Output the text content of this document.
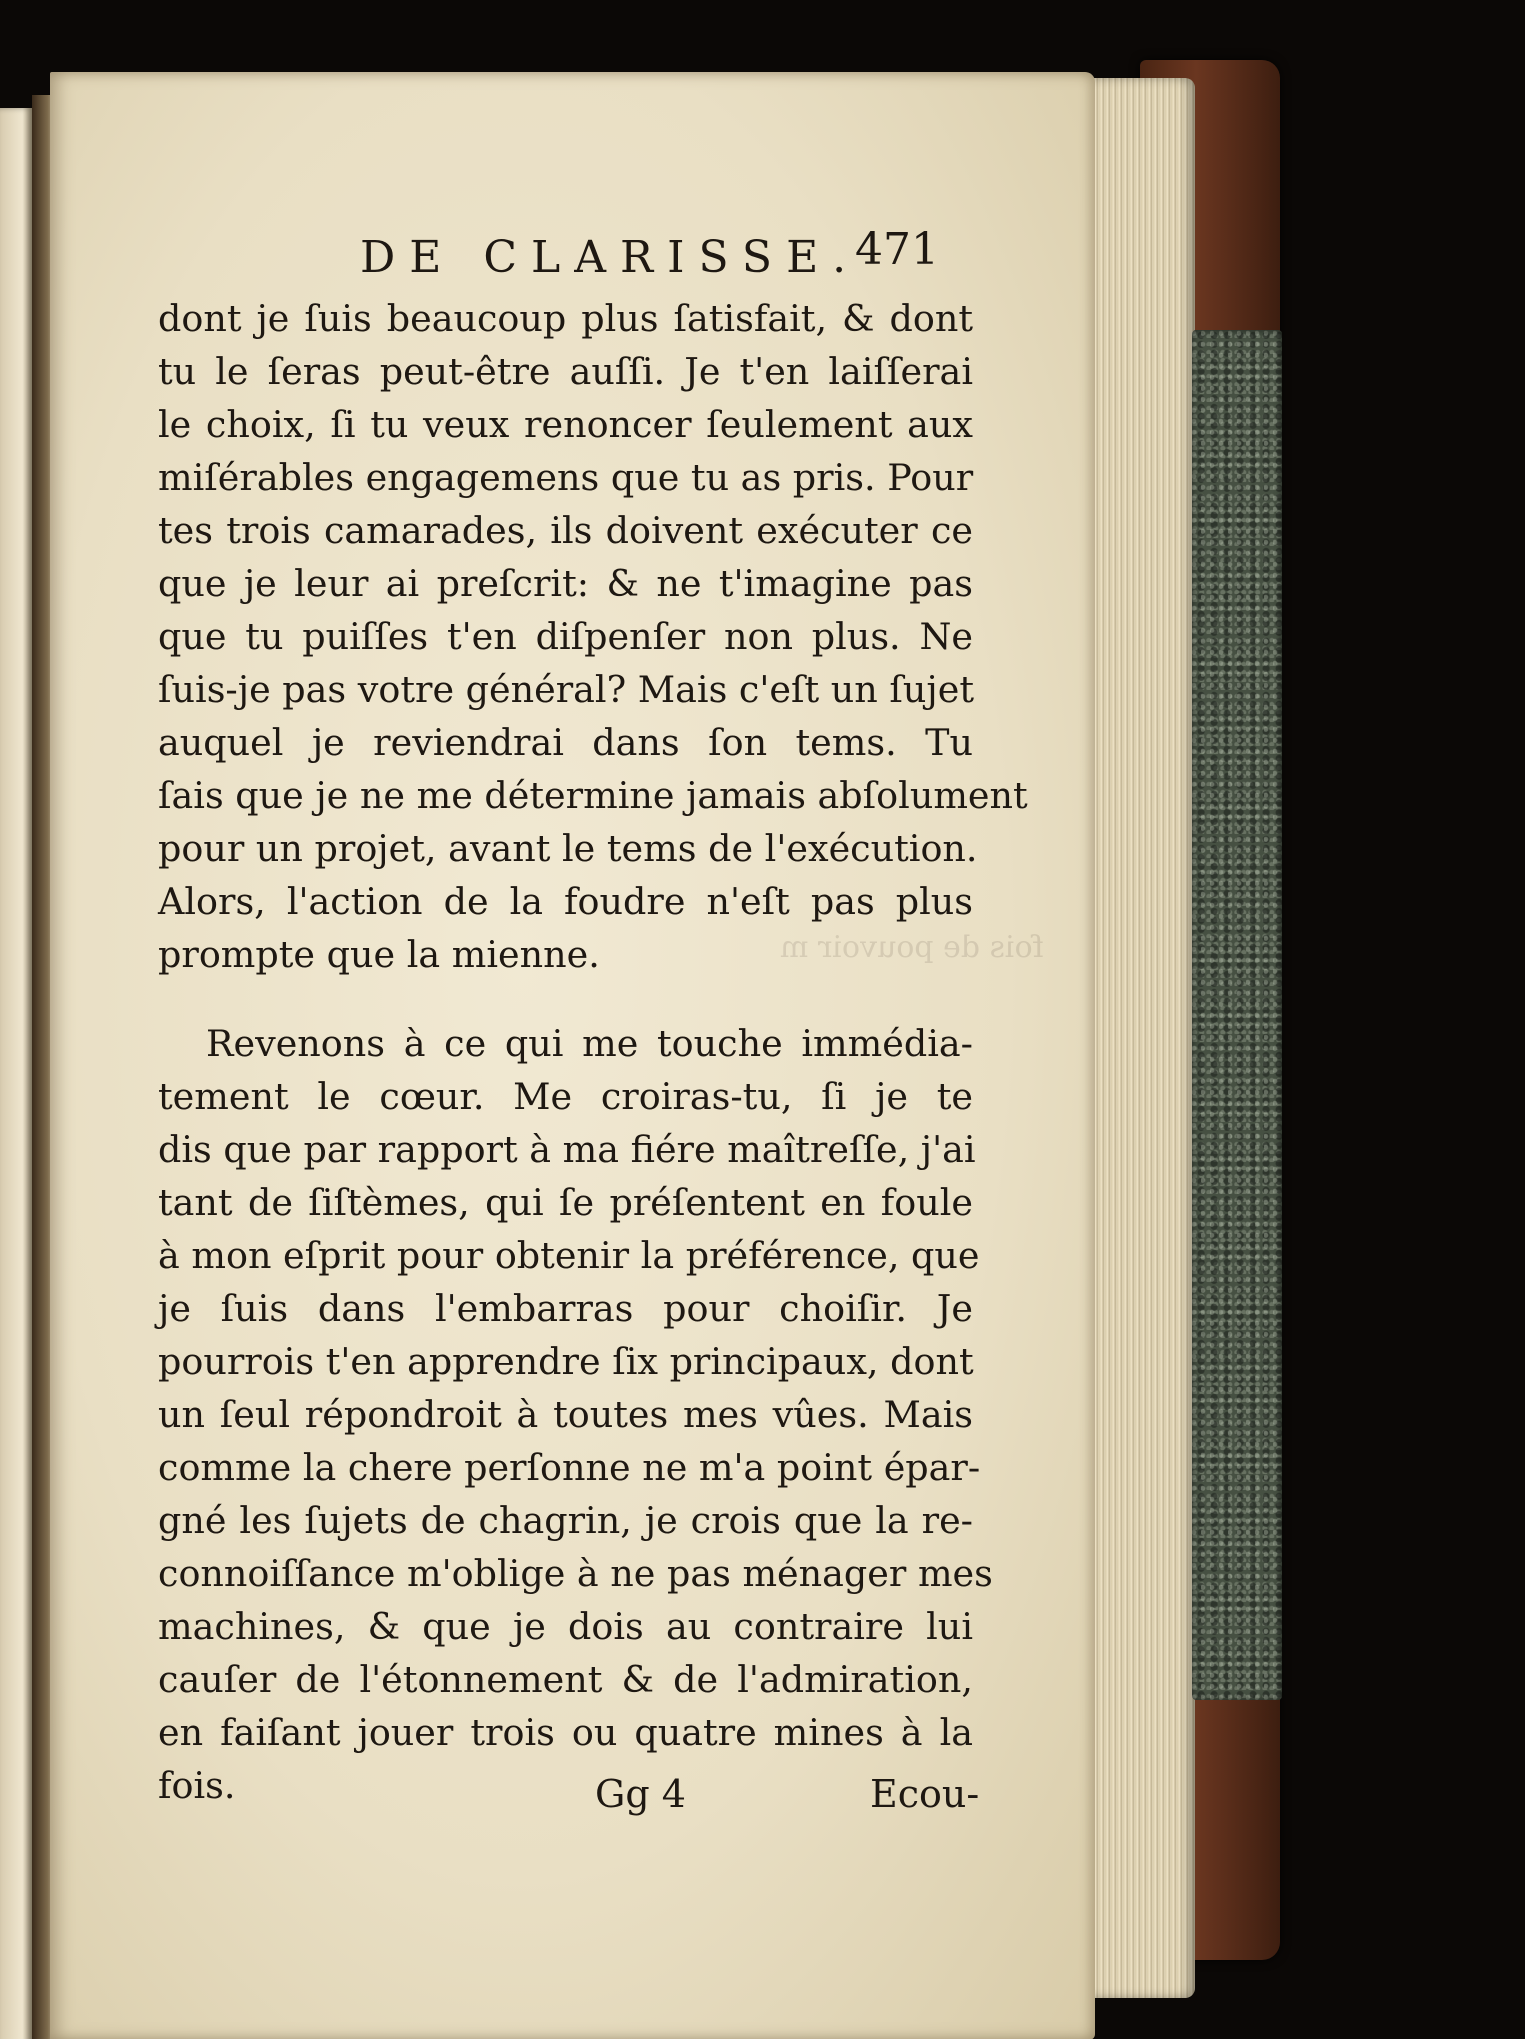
fois de pouvoir m
DE CLARISSE.
471
dont je ſuis beaucoup plus ſatisfait, & dont
tu le ſeras peut-être auſſi. Je t'en laiſſerai
le choix, ſi tu veux renoncer ſeulement aux
miſérables engagemens que tu as pris. Pour
tes trois camarades, ils doivent exécuter ce
que je leur ai preſcrit: & ne t'imagine pas
que tu puiſſes t'en diſpenſer non plus. Ne
ſuis-je pas votre général? Mais c'eſt un ſujet
auquel je reviendrai dans ſon tems. Tu
ſais que je ne me détermine jamais abſolument
pour un projet, avant le tems de l'exécution.
Alors, l'action de la foudre n'eſt pas plus
prompte que la mienne.
Revenons à ce qui me touche immédia-
tement le cœur. Me croiras-tu, ſi je te
dis que par rapport à ma fiére maîtreſſe, j'ai
tant de ſiſtèmes, qui ſe préſentent en foule
à mon eſprit pour obtenir la préférence, que
je ſuis dans l'embarras pour choiſir. Je
pourrois t'en apprendre ſix principaux, dont
un ſeul répondroit à toutes mes vûes. Mais
comme la chere perſonne ne m'a point épar-
gné les ſujets de chagrin, je crois que la re-
connoiſſance m'oblige à ne pas ménager mes
machines, & que je dois au contraire lui
cauſer de l'étonnement & de l'admiration,
en faiſant jouer trois ou quatre mines à la
fois.	Gg 4	Ecou-
